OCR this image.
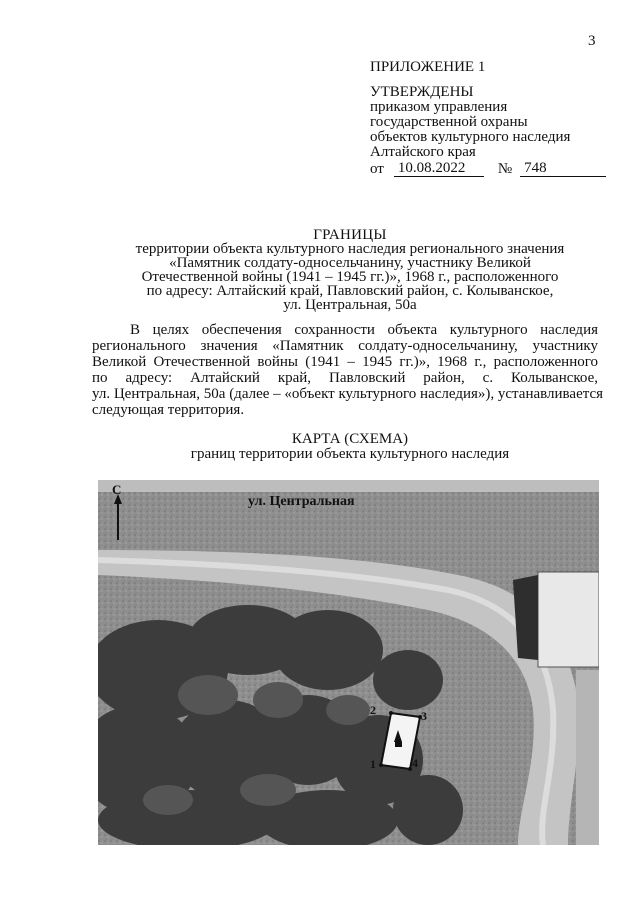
3
ПРИЛОЖЕНИЕ 1
УТВЕРЖДЕНЫ
приказом управления
государственной охраны
объектов культурного наследия
Алтайского края
от 10.08.2022	№ 748
ГРАНИЦЫ
территории объекта культурного наследия регионального значения
«Памятник солдату-односельчанину, участнику Великой
Отечественной войны (1941 – 1945 гг.)», 1968 г., расположенного
по адресу: Алтайский край, Павловский район, с. Колыванское,
ул. Центральная, 50а
В целях обеспечения сохранности объекта культурного наследия
регионального значения «Памятник солдату-односельчанину, участнику
Великой Отечественной войны (1941 – 1945 гг.)», 1968 г., расположенного
по адресу: Алтайский край, Павловский район, с. Колыванское,
ул. Центральная, 50а (далее – «объект культурного наследия»), устанавливается
следующая территория.
КАРТА (СХЕМА)
границ территории объекта культурного наследия
С
ул. Центральная
1
2	3
4
